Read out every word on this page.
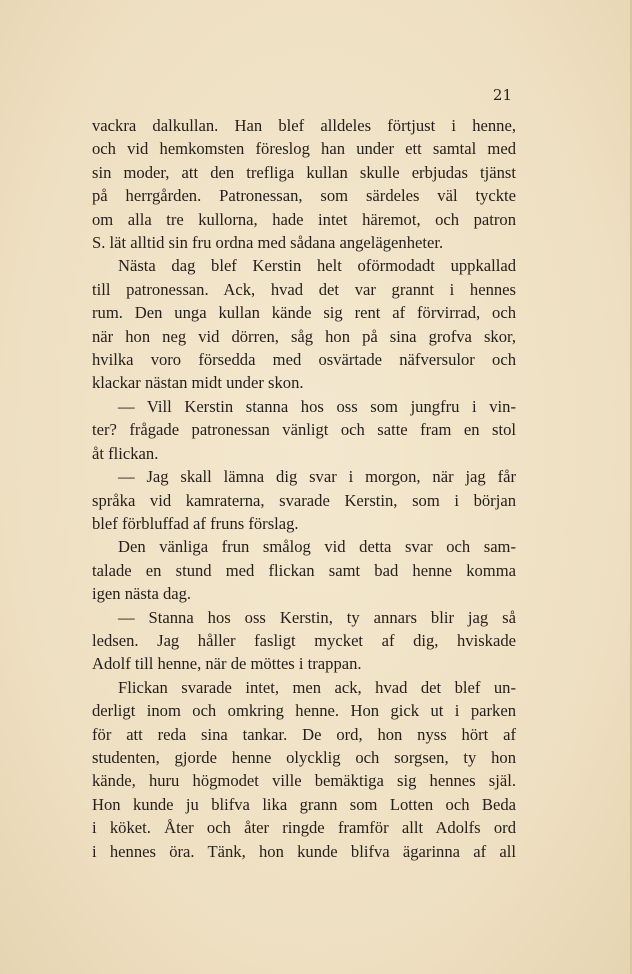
21
vackra dalkullan. Han blef alldeles förtjust i henne,
och vid hemkomsten föreslog han under ett samtal med
sin moder, att den trefliga kullan skulle erbjudas tjänst
på herrgården. Patronessan, som särdeles väl tyckte
om alla tre kullorna, hade intet häremot, och patron
S. lät alltid sin fru ordna med sådana angelägenheter.
Nästa dag blef Kerstin helt oförmodadt uppkallad
till patronessan. Ack, hvad det var grannt i hennes
rum. Den unga kullan kände sig rent af förvirrad, och
när hon neg vid dörren, såg hon på sina grofva skor,
hvilka voro försedda med osvärtade näfversulor och
klackar nästan midt under skon.
— Vill Kerstin stanna hos oss som jungfru i vin-
ter? frågade patronessan vänligt och satte fram en stol
åt flickan.
— Jag skall lämna dig svar i morgon, när jag får
språka vid kamraterna, svarade Kerstin, som i början
blef förbluffad af fruns förslag.
Den vänliga frun smålog vid detta svar och sam-
talade en stund med flickan samt bad henne komma
igen nästa dag.
— Stanna hos oss Kerstin, ty annars blir jag så
ledsen. Jag håller fasligt mycket af dig, hviskade
Adolf till henne, när de möttes i trappan.
Flickan svarade intet, men ack, hvad det blef un-
derligt inom och omkring henne. Hon gick ut i parken
för att reda sina tankar. De ord, hon nyss hört af
studenten, gjorde henne olycklig och sorgsen, ty hon
kände, huru högmodet ville bemäktiga sig hennes själ.
Hon kunde ju blifva lika grann som Lotten och Beda
i köket. Åter och åter ringde framför allt Adolfs ord
i hennes öra. Tänk, hon kunde blifva ägarinna af all
